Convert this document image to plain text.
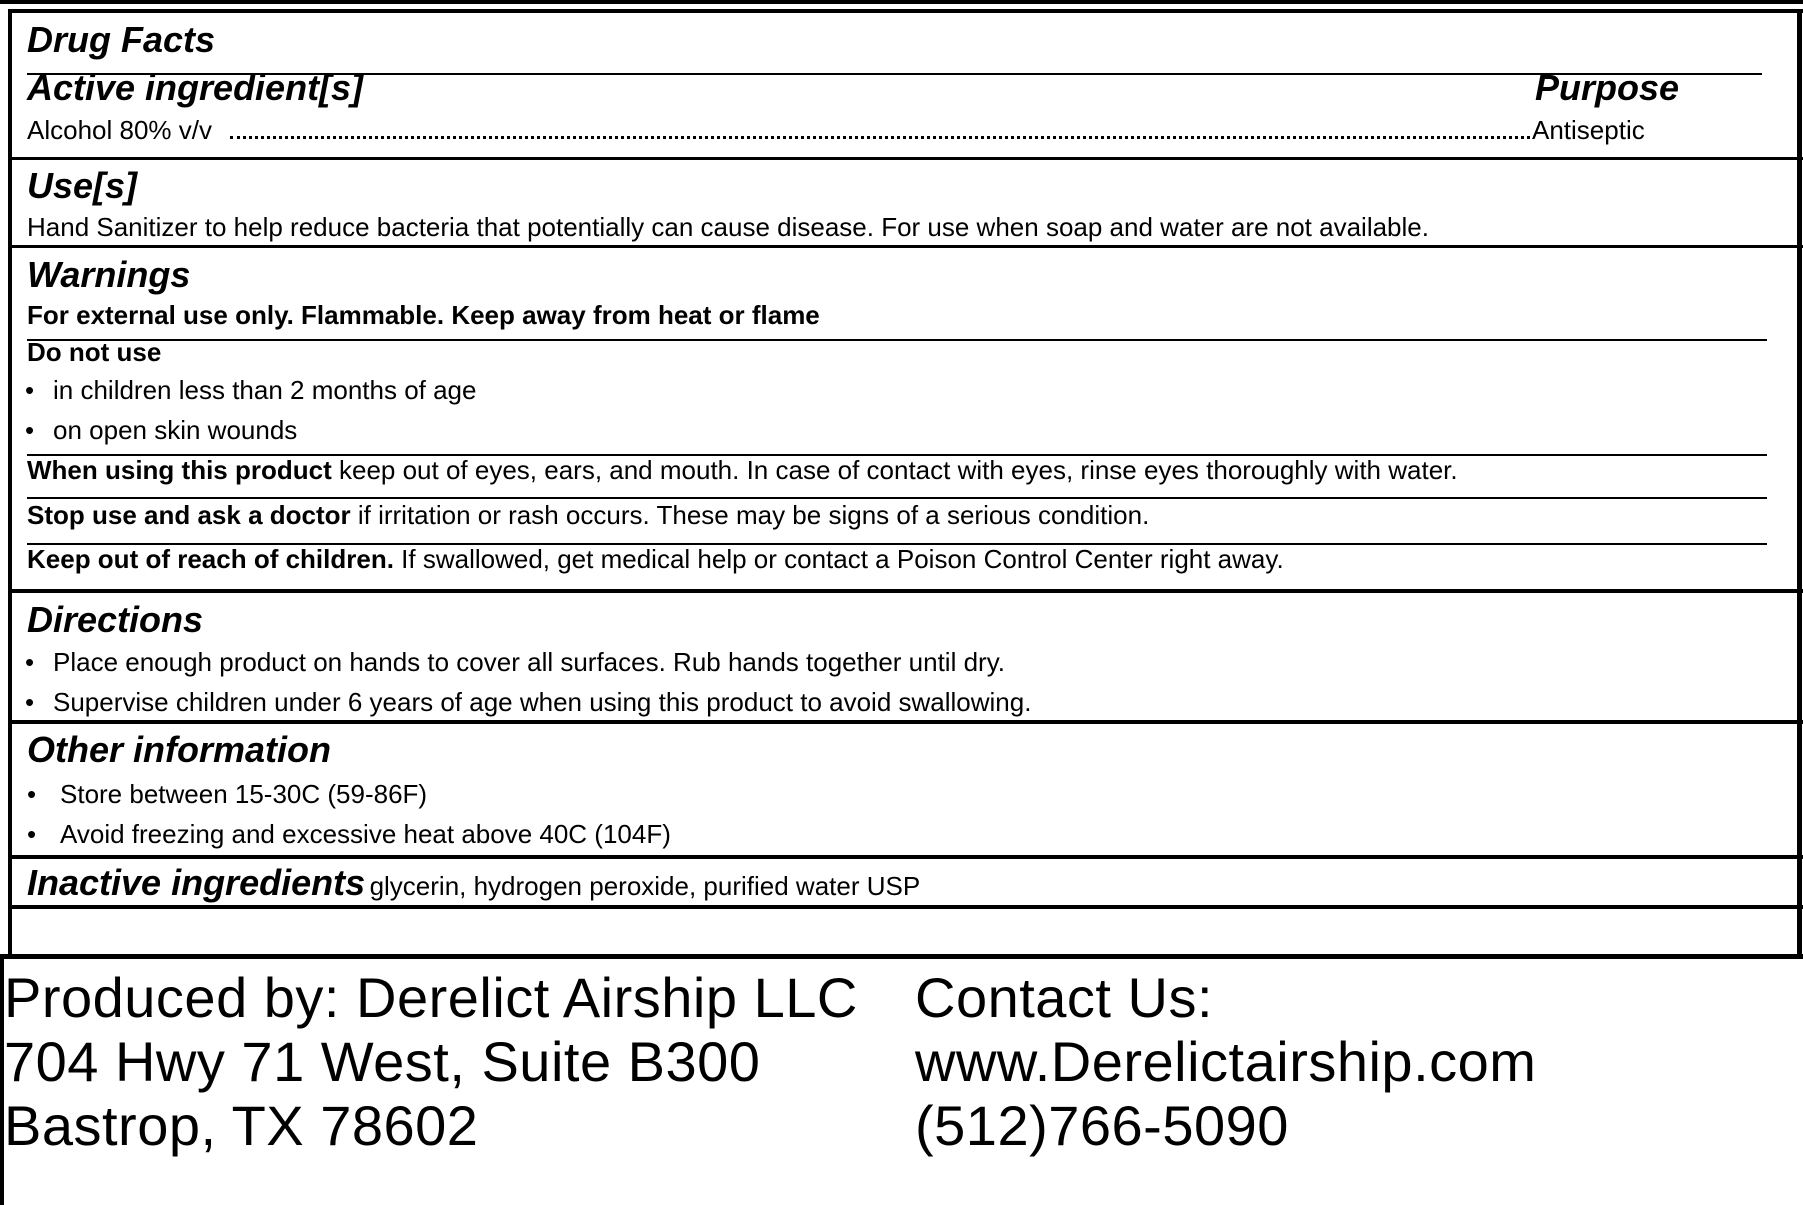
Drug Facts
Active ingredient[s]	Purpose
Alcohol 80% v/v	Antiseptic
Use[s]
Hand Sanitizer to help reduce bacteria that potentially can cause disease. For use when soap and water are not available.
Warnings
For external use only. Flammable. Keep away from heat or flame
Do not use
• in children less than 2 months of age
• on open skin wounds
When using this product keep out of eyes, ears, and mouth. In case of contact with eyes, rinse eyes thoroughly with water.
Stop use and ask a doctor if irritation or rash occurs. These may be signs of a serious condition.
Keep out of reach of children. If swallowed, get medical help or contact a Poison Control Center right away.
Directions
• Place enough product on hands to cover all surfaces. Rub hands together until dry.
• Supervise children under 6 years of age when using this product to avoid swallowing.
Other information
• Store between 15-30C (59-86F)
• Avoid freezing and excessive heat above 40C (104F)
Inactive ingredients glycerin, hydrogen peroxide, purified water USP
Produced by: Derelict Airship LLC
704 Hwy 71 West, Suite B300
Bastrop, TX 78602
Contact Us:
www.Derelictairship.com
(512)766-5090
